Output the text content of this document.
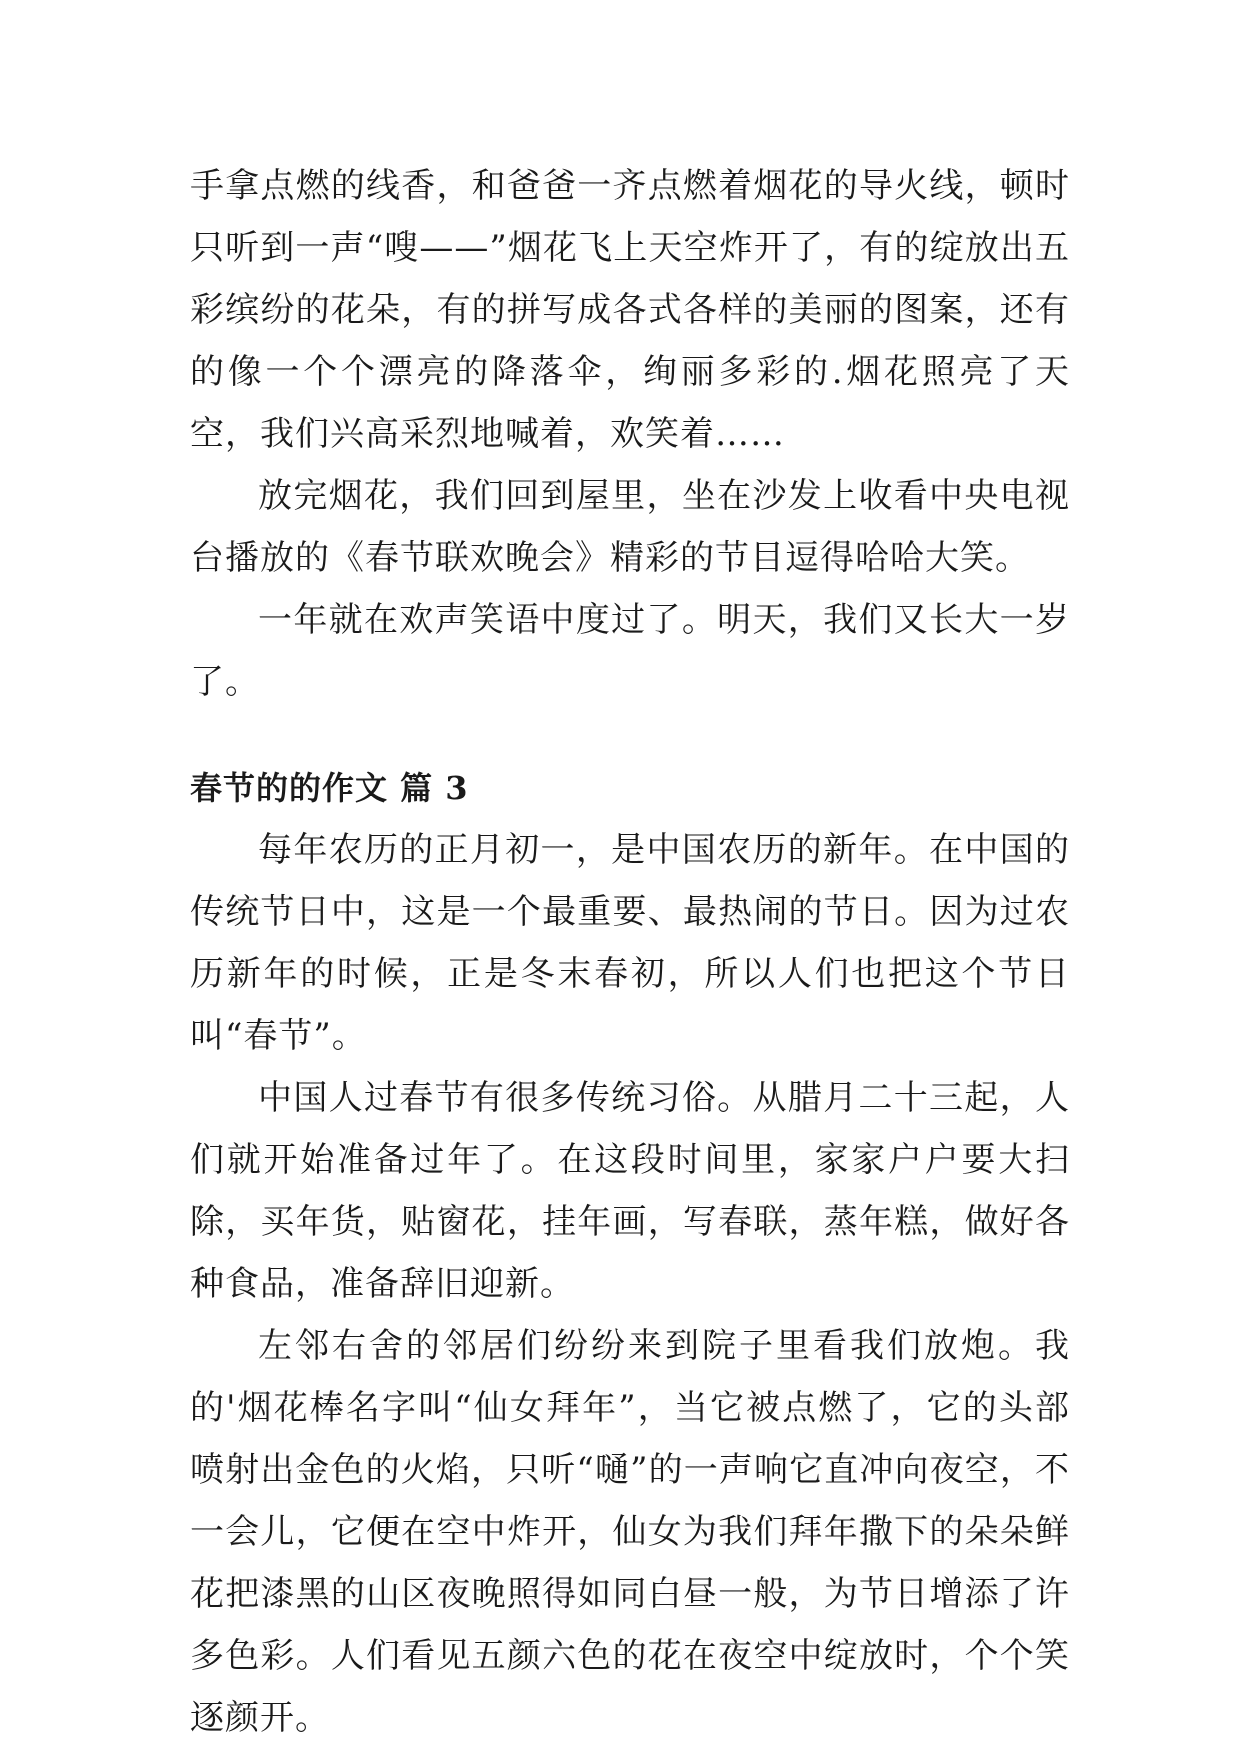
手拿点燃的线香，和爸爸一齐点燃着烟花的导火线，顿时只听到一声“嗖——”烟花飞上天空炸开了，有的绽放出五彩缤纷的花朵，有的拼写成各式各样的美丽的图案，还有的像一个个漂亮的降落伞，绚丽多彩的.烟花照亮了天空，我们兴高采烈地喊着，欢笑着……

放完烟花，我们回到屋里，坐在沙发上收看中央电视台播放的《春节联欢晚会》精彩的节目逗得哈哈大笑。

一年就在欢声笑语中度过了。明天，我们又长大一岁了。

春节的的作文 篇 3

每年农历的正月初一，是中国农历的新年。在中国的传统节日中，这是一个最重要、最热闹的节日。因为过农历新年的时候，正是冬末春初，所以人们也把这个节日叫“春节”。

中国人过春节有很多传统习俗。从腊月二十三起，人们就开始准备过年了。在这段时间里，家家户户要大扫除，买年货，贴窗花，挂年画，写春联，蒸年糕，做好各种食品，准备辞旧迎新。

左邻右舍的邻居们纷纷来到院子里看我们放炮。我的'烟花棒名字叫“仙女拜年”，当它被点燃了，它的头部喷射出金色的火焰，只听“嗵”的一声响它直冲向夜空，不一会儿，它便在空中炸开，仙女为我们拜年撒下的朵朵鲜花把漆黑的山区夜晚照得如同白昼一般，为节日增添了许多色彩。人们看见五颜六色的花在夜空中绽放时，个个笑逐颜开。
